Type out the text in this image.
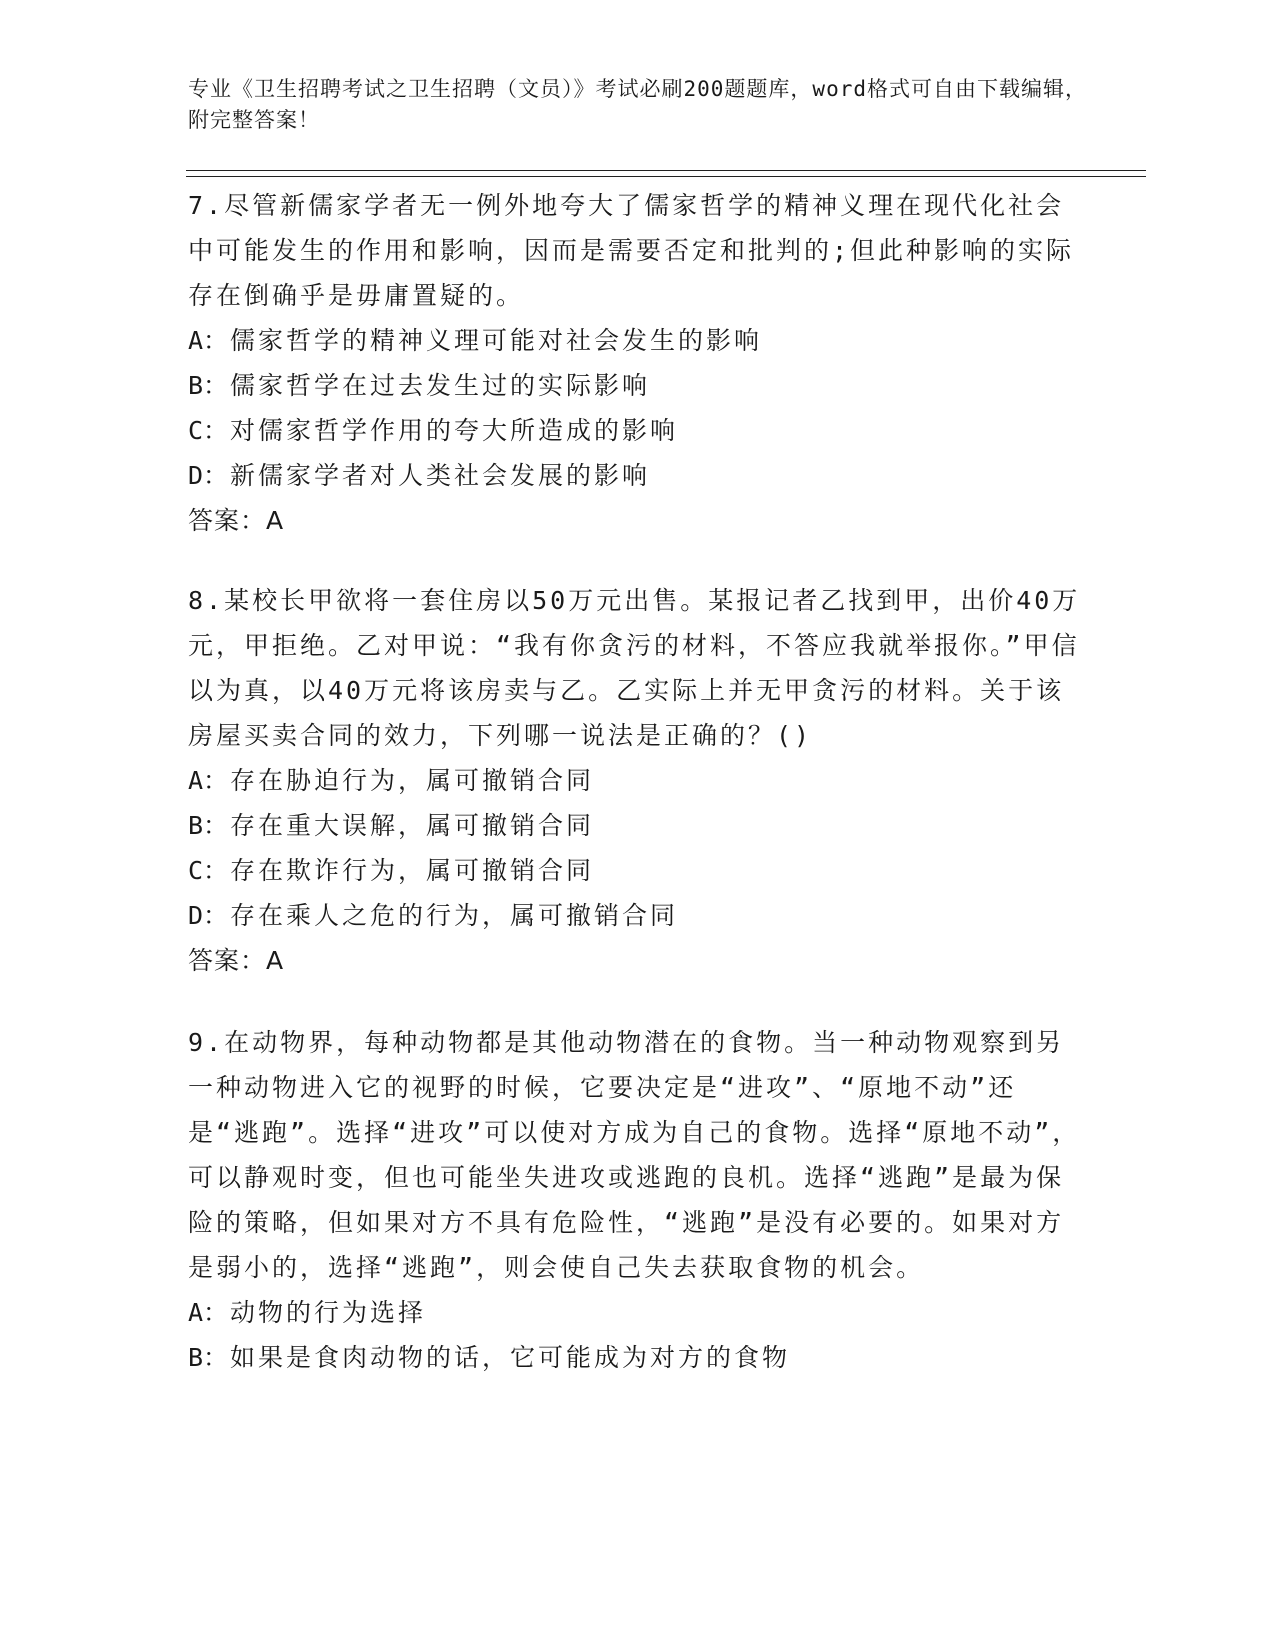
专业《卫生招聘考试之卫生招聘（文员）》考试必刷200题题库，word格式可自由下载编辑，附完整答案！

7.尽管新儒家学者无一例外地夸大了儒家哲学的精神义理在现代化社会中可能发生的作用和影响，因而是需要否定和批判的;但此种影响的实际存在倒确乎是毋庸置疑的。

A：儒家哲学的精神义理可能对社会发生的影响

B：儒家哲学在过去发生过的实际影响

C：对儒家哲学作用的夸大所造成的影响

D：新儒家学者对人类社会发展的影响

答案：A

8.某校长甲欲将一套住房以50万元出售。某报记者乙找到甲，出价40万元，甲拒绝。乙对甲说：“我有你贪污的材料，不答应我就举报你。”甲信以为真，以40万元将该房卖与乙。乙实际上并无甲贪污的材料。关于该房屋买卖合同的效力，下列哪一说法是正确的？()

A：存在胁迫行为，属可撤销合同

B：存在重大误解，属可撤销合同

C：存在欺诈行为，属可撤销合同

D：存在乘人之危的行为，属可撤销合同

答案：A

9.在动物界，每种动物都是其他动物潜在的食物。当一种动物观察到另一种动物进入它的视野的时候，它要决定是“进攻”、“原地不动”还是“逃跑”。选择“进攻”可以使对方成为自己的食物。选择“原地不动”，可以静观时变，但也可能坐失进攻或逃跑的良机。选择“逃跑”是最为保险的策略，但如果对方不具有危险性，“逃跑”是没有必要的。如果对方是弱小的，选择“逃跑”，则会使自己失去获取食物的机会。

A：动物的行为选择

B：如果是食肉动物的话，它可能成为对方的食物
